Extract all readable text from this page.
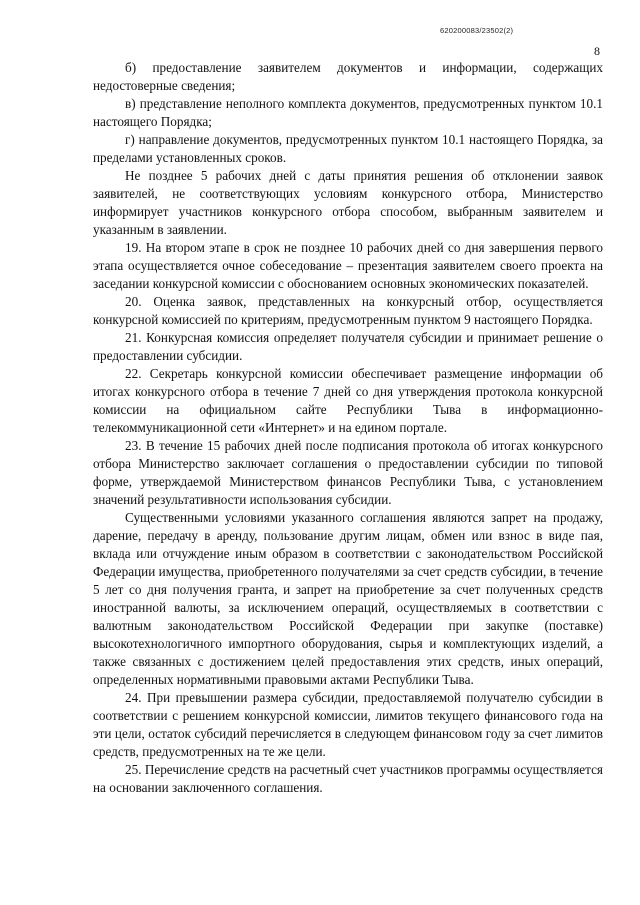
620200083/23502(2)
8

б) предоставление заявителем документов и информации, содержащих недостоверные сведения;

в) представление неполного комплекта документов, предусмотренных пунктом 10.1 настоящего Порядка;

г) направление документов, предусмотренных пунктом 10.1 настоящего Порядка, за пределами установленных сроков.

Не позднее 5 рабочих дней с даты принятия решения об отклонении заявок заявителей, не соответствующих условиям конкурсного отбора, Министерство информирует участников конкурсного отбора способом, выбранным заявителем и указанным в заявлении.

19. На втором этапе в срок не позднее 10 рабочих дней со дня завершения первого этапа осуществляется очное собеседование – презентация заявителем своего проекта на заседании конкурсной комиссии с обоснованием основных экономических показателей.

20. Оценка заявок, представленных на конкурсный отбор, осуществляется конкурсной комиссией по критериям, предусмотренным пунктом 9 настоящего Порядка.

21. Конкурсная комиссия определяет получателя субсидии и принимает решение о предоставлении субсидии.

22. Секретарь конкурсной комиссии обеспечивает размещение информации об итогах конкурсного отбора в течение 7 дней со дня утверждения протокола конкурсной комиссии на официальном сайте Республики Тыва в информационно-телекоммуникационной сети «Интернет» и на едином портале.

23. В течение 15 рабочих дней после подписания протокола об итогах конкурсного отбора Министерство заключает соглашения о предоставлении субсидии по типовой форме, утверждаемой Министерством финансов Республики Тыва, с установлением значений результативности использования субсидии.

Существенными условиями указанного соглашения являются запрет на продажу, дарение, передачу в аренду, пользование другим лицам, обмен или взнос в виде пая, вклада или отчуждение иным образом в соответствии с законодательством Российской Федерации имущества, приобретенного получателями за счет средств субсидии, в течение 5 лет со дня получения гранта, и запрет на приобретение за счет полученных средств иностранной валюты, за исключением операций, осуществляемых в соответствии с валютным законодательством Российской Федерации при закупке (поставке) высокотехнологичного импортного оборудования, сырья и комплектующих изделий, а также связанных с достижением целей предоставления этих средств, иных операций, определенных нормативными правовыми актами Республики Тыва.

24. При превышении размера субсидии, предоставляемой получателю субсидии в соответствии с решением конкурсной комиссии, лимитов текущего финансового года на эти цели, остаток субсидий перечисляется в следующем финансовом году за счет лимитов средств, предусмотренных на те же цели.

25. Перечисление средств на расчетный счет участников программы осуществляется на основании заключенного соглашения.
